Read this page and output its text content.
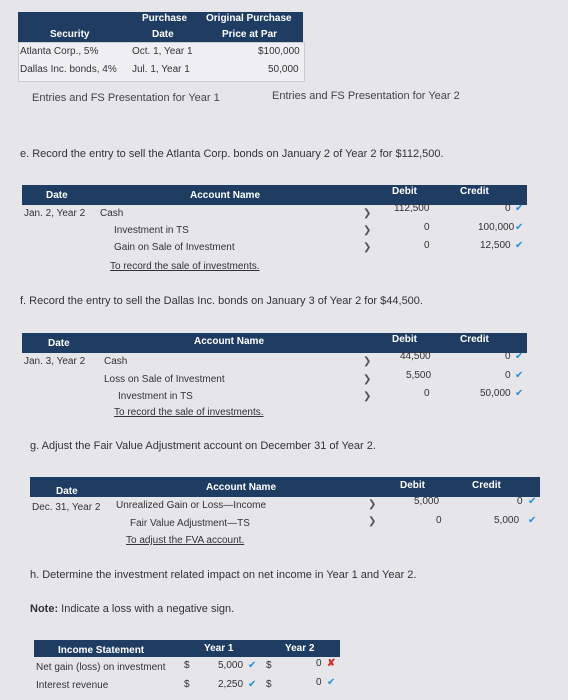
Purchase Original Purchase
Security	Date	Price at Par
Atlanta Corp., 5%	Oct. 1, Year 1	$100,000
Dallas Inc. bonds, 4% Jul. 1, Year 1	50,000
Entries and FS Presentation for Year 1	Entries and FS Presentation for Year 2
e. Record the entry to sell the Atlanta Corp. bonds on January 2 of Year 2 for $112,500.
Date	Account Name	Debit	Credit
Jan. 2, Year 2 Cash	❯ 112,500	0 ✔
Investment in TS	❯	0	100,000 ✔
Gain on Sale of Investment	❯	0	12,500 ✔
To record the sale of investments.
f. Record the entry to sell the Dallas Inc. bonds on January 3 of Year 2 for $44,500.
Date	Account Name	Debit	Credit
Jan. 3, Year 2 Cash	❯	44,500	0 ✔
Loss on Sale of Investment	❯	5,500	0 ✔
Investment in TS	❯	0	50,000 ✔
To record the sale of investments.
g. Adjust the Fair Value Adjustment account on December 31 of Year 2.
Date	Account Name	Debit	Credit
Dec. 31, Year 2 Unrealized Gain or Loss—Income	❯	5,000	0 ✔
Fair Value Adjustment—TS	❯	0	5,000 ✔
To adjust the FVA account.
h. Determine the investment related impact on net income in Year 1 and Year 2.
Note: Indicate a loss with a negative sign.
Income Statement	Year 1	Year 2
Net gain (loss) on investment $	5,000 ✔ $	0 ✘
Interest revenue	$	2,250 ✔ $	0 ✔
